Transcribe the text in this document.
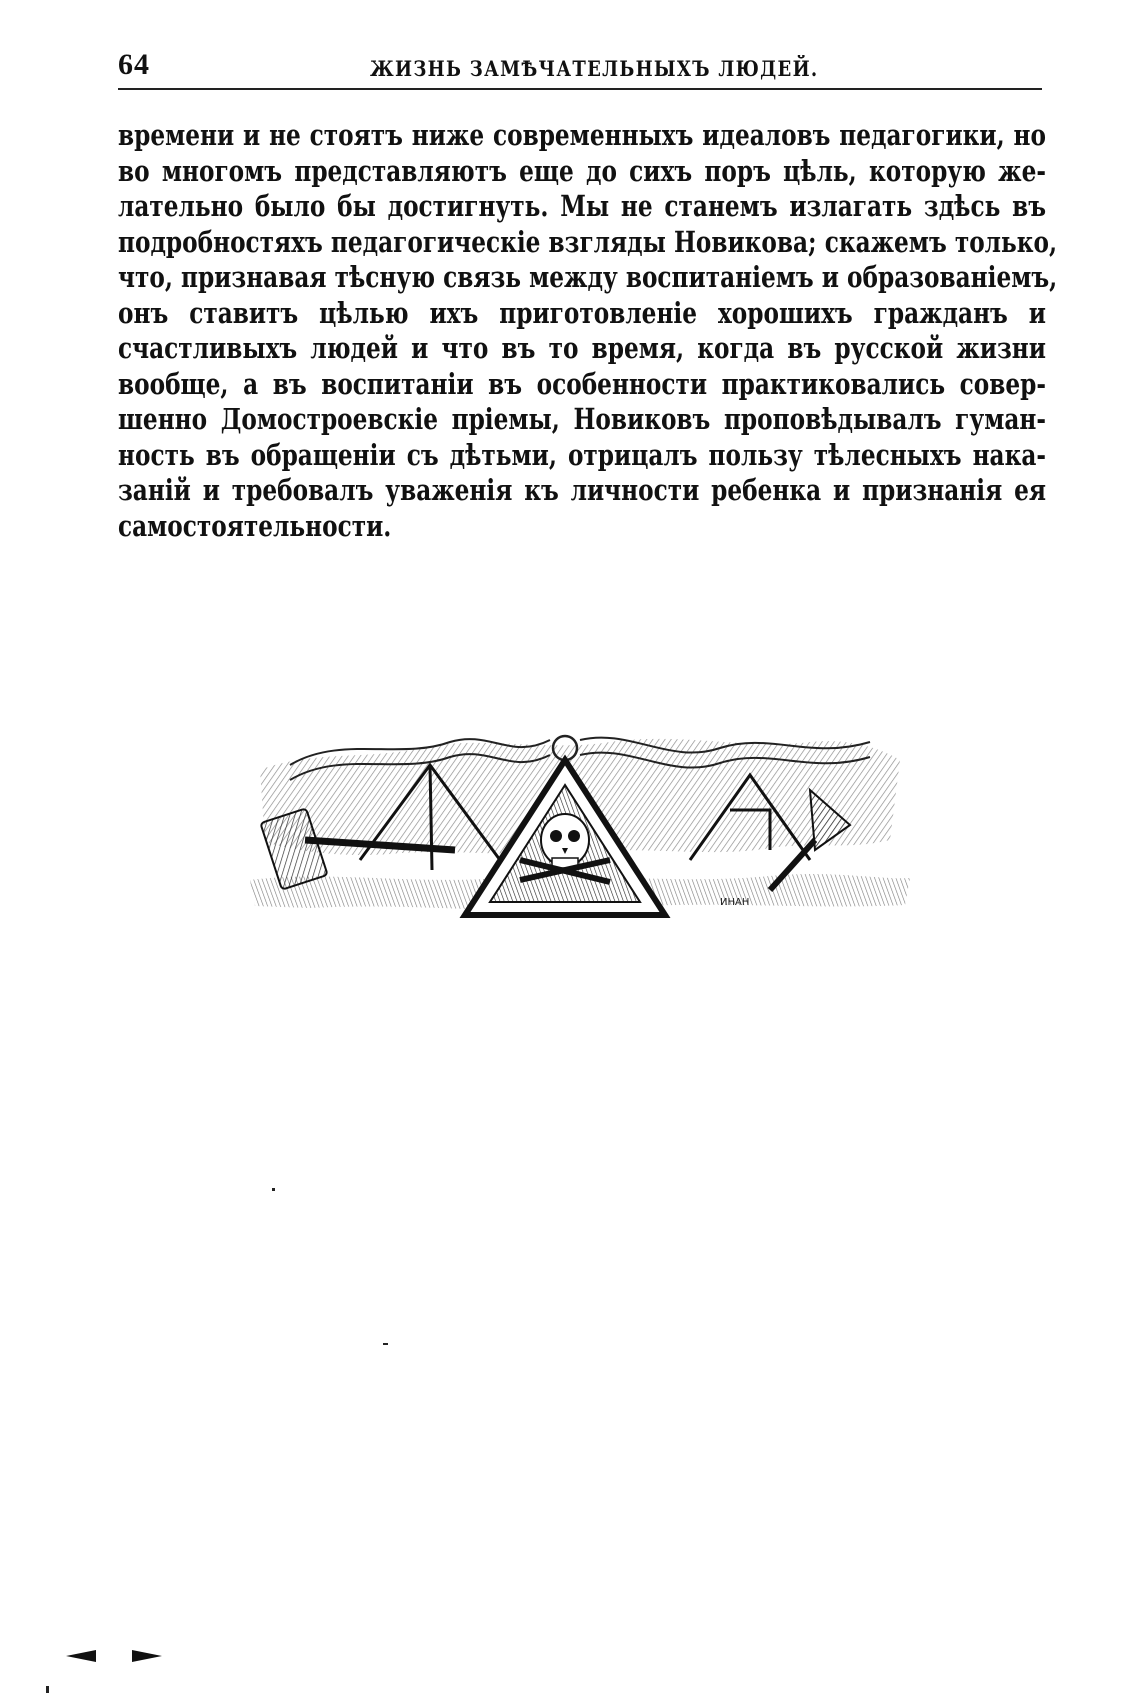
64	ЖИЗНЬ ЗАМѢЧАТЕЛЬНЫХЪ ЛЮДЕЙ.
времени и не стоятъ ниже современныхъ идеаловъ педагогики, но
во многомъ представляютъ еще до сихъ поръ цѣль, которую же-
лательно было бы достигнуть. Мы не станемъ излагать здѣсь въ
подробностяхъ педагогическіе взгляды Новикова; скажемъ только,
что, признавая тѣсную связь между воспитаніемъ и образованіемъ,
онъ ставитъ цѣлью ихъ приготовленіе хорошихъ гражданъ и
счастливыхъ людей и что въ то время, когда въ русской жизни
вообще, а въ воспитаніи въ особенности практиковались совер-
шенно Домостроевскіе пріемы, Новиковъ проповѣдывалъ гуман-
ность въ обращеніи съ дѣтьми, отрицалъ пользу тѣлесныхъ нака-
заній и требовалъ уваженія къ личности ребенка и признанія ея
самостоятельности.
ИНАН
